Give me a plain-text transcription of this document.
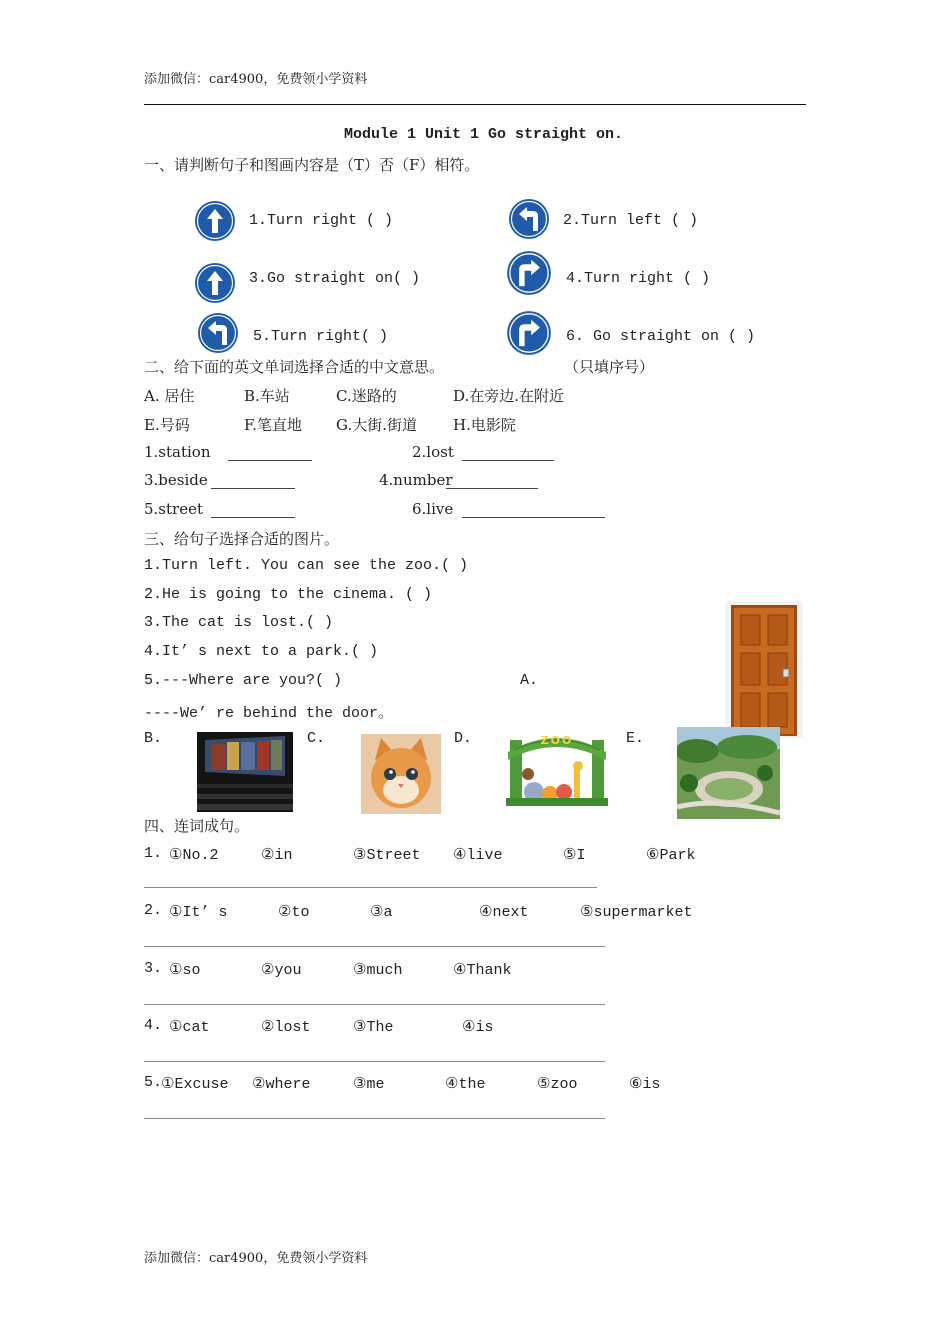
添加微信：car4900，免费领小学资料
添加微信：car4900，免费领小学资料
Module 1 Unit 1 Go straight on.
一、请判断句子和图画内容是（T）否（F）相符。
1.Turn right ( )	2.Turn left ( )
3.Go straight on( )	4.Turn right ( )
5.Turn right( )	6. Go straight on ( )
二、给下面的英文单词选择合适的中文意思。	（只填序号）
A. 居住	B.车站	C.迷路的	D.在旁边.在附近
E.号码	F.笔直地 G.大街.街道 H.电影院
1.station	2.lost
3.beside	4.number
5.street	6.live
三、给句子选择合适的图片。
1.Turn left. You can see the zoo.( )
2.He is going to the cinema. ( )
3.The cat is lost.( )
4.It’ s next to a park.( )
5.---Where are you?( )
----We’ re behind the door。
A.
B.	C.	D.	ZOO	E.
四、连词成句。
1. ①No.2	②in	③Street ④live	⑤I	⑥Park
2. ①It’ s	②to	③a	④next	⑤supermarket
3. ①so	②you	③much	④Thank
4. ①cat	②lost	③The	④is
5.
①Excuse ②where	③me	④the	⑤zoo	⑥is
